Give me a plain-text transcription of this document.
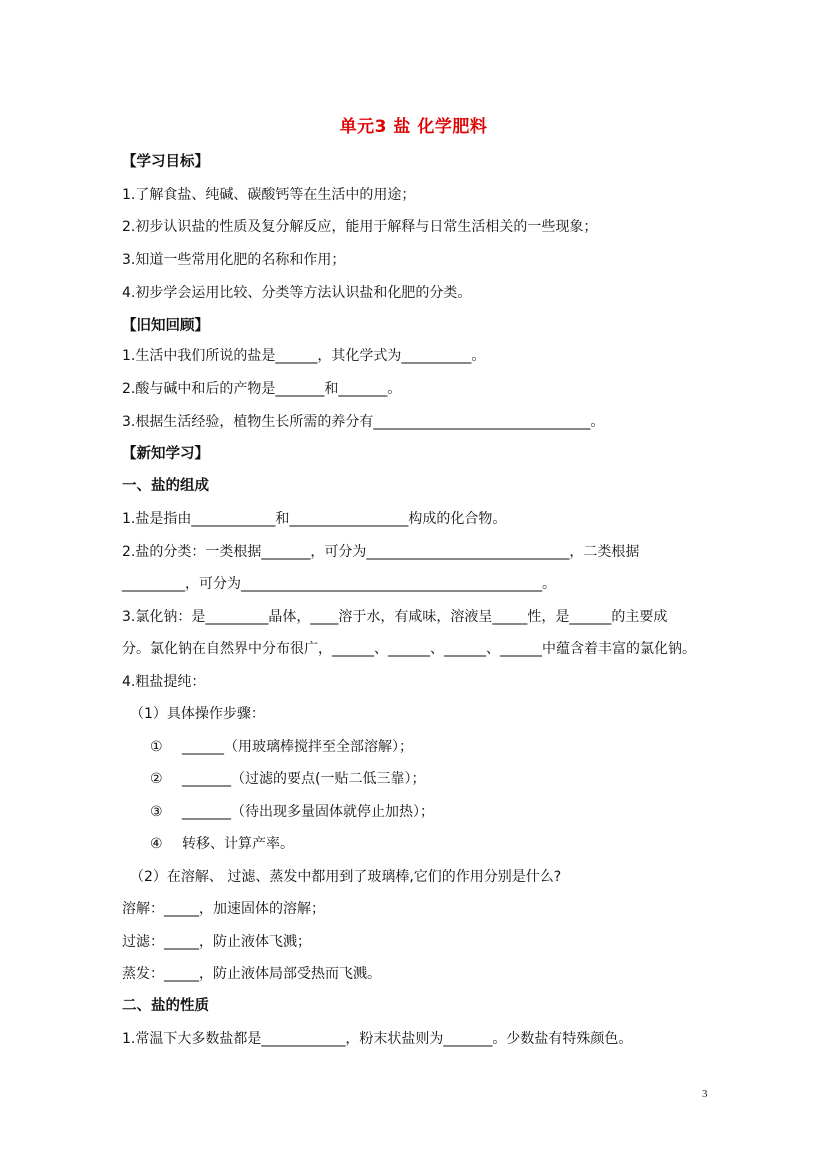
单元3 盐 化学肥料
【学习目标】
1.了解食盐、纯碱、碳酸钙等在生活中的用途；
2.初步认识盐的性质及复分解反应，能用于解释与日常生活相关的一些现象；
3.知道一些常用化肥的名称和作用；
4.初步学会运用比较、分类等方法认识盐和化肥的分类。
【旧知回顾】
1.生活中我们所说的盐是______，其化学式为__________。
2.酸与碱中和后的产物是_______和_______。
3.根据生活经验，植物生长所需的养分有_______________________________。
【新知学习】
一、盐的组成
1.盐是指由____________和_________________构成的化合物。
2.盐的分类：一类根据_______，可分为_____________________________，二类根据
_________，可分为___________________________________________。
3.氯化钠：是_________晶体，____溶于水，有咸味，溶液呈_____性，是______的主要成
分。氯化钠在自然界中分布很广，______、______、______、______中蕴含着丰富的氯化钠。
4.粗盐提纯：
（1）具体操作步骤：
① ______（用玻璃棒搅拌至全部溶解）；
② _______（过滤的要点(一贴二低三靠）；
③ _______（待出现多量固体就停止加热）；
④ 转移、计算产率。
（2）在溶解、 过滤、蒸发中都用到了玻璃棒,它们的作用分别是什么?
溶解：_____，加速固体的溶解；
过滤：_____，防止液体飞溅；
蒸发：_____，防止液体局部受热而飞溅。
二、盐的性质
1.常温下大多数盐都是____________，粉末状盐则为_______。少数盐有特殊颜色。
3
